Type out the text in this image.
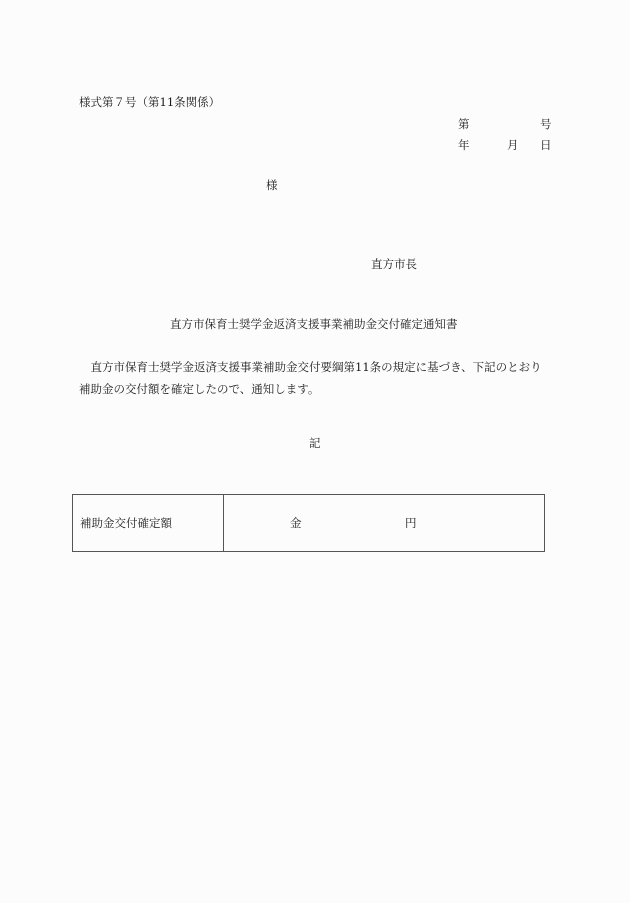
様式第７号（第11条関係）
第	号
年	月 日
様
直方市長
直方市保育士奨学金返済支援事業補助金交付確定通知書
直方市保育士奨学金返済支援事業補助金交付要綱第11条の規定に基づき、下記のとおり補助金の交付額を確定したので、通知します。
記
補助金交付確定額	金	円
